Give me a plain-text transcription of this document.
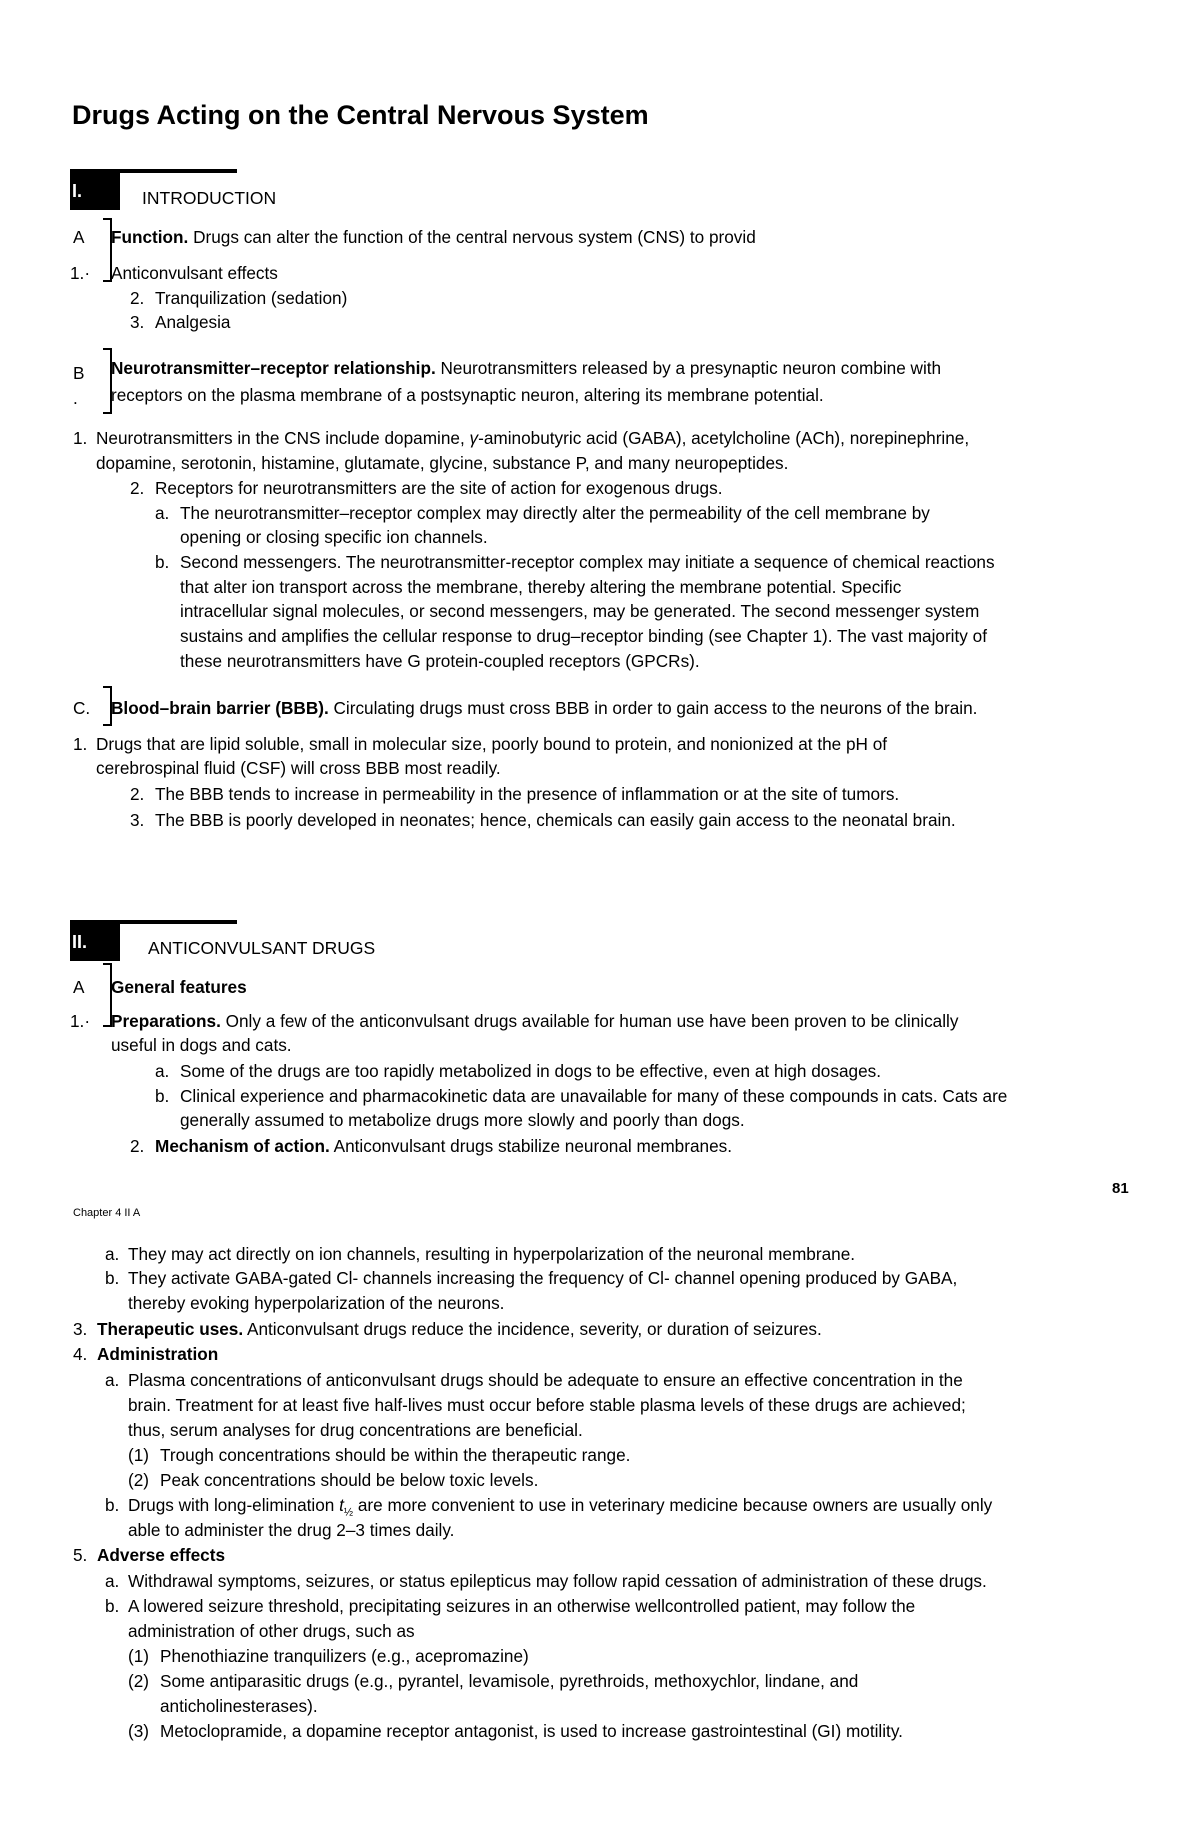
Drugs Acting on the Central Nervous System
I.	INTRODUCTION
A Function. Drugs can alter the function of the central nervous system (CNS) to provid
1.· Anticonvulsant effects
2. Tranquilization (sedation)
3. Analgesia
B Neurotransmitter–receptor relationship. Neurotransmitters released by a presynaptic neuron combine with
. receptors on the plasma membrane of a postsynaptic neuron, altering its membrane potential.
1. Neurotransmitters in the CNS include dopamine, γ-aminobutyric acid (GABA), acetylcholine (ACh), norepinephrine,
dopamine, serotonin, histamine, glutamate, glycine, substance P, and many neuropeptides.
2. Receptors for neurotransmitters are the site of action for exogenous drugs.
a. The neurotransmitter–receptor complex may directly alter the permeability of the cell membrane by
opening or closing specific ion channels.
b. Second messengers. The neurotransmitter-receptor complex may initiate a sequence of chemical reactions
that alter ion transport across the membrane, thereby altering the membrane potential. Specific
intracellular signal molecules, or second messengers, may be generated. The second messenger system
sustains and amplifies the cellular response to drug–receptor binding (see Chapter 1). The vast majority of
these neurotransmitters have G protein-coupled receptors (GPCRs).
C. Blood–brain barrier (BBB). Circulating drugs must cross BBB in order to gain access to the neurons of the brain.
1. Drugs that are lipid soluble, small in molecular size, poorly bound to protein, and nonionized at the pH of
cerebrospinal fluid (CSF) will cross BBB most readily.
2. The BBB tends to increase in permeability in the presence of inflammation or at the site of tumors.
3. The BBB is poorly developed in neonates; hence, chemicals can easily gain access to the neonatal brain.
II.	ANTICONVULSANT DRUGS
A General features
1.· Preparations. Only a few of the anticonvulsant drugs available for human use have been proven to be clinically
useful in dogs and cats.
a. Some of the drugs are too rapidly metabolized in dogs to be effective, even at high dosages.
b. Clinical experience and pharmacokinetic data are unavailable for many of these compounds in cats. Cats are
generally assumed to metabolize drugs more slowly and poorly than dogs.
2. Mechanism of action. Anticonvulsant drugs stabilize neuronal membranes.
81
Chapter 4 II A
a. They may act directly on ion channels, resulting in hyperpolarization of the neuronal membrane.
b. They activate GABA-gated Cl- channels increasing the frequency of Cl- channel opening produced by GABA,
thereby evoking hyperpolarization of the neurons.
3. Therapeutic uses. Anticonvulsant drugs reduce the incidence, severity, or duration of seizures.
4. Administration
a. Plasma concentrations of anticonvulsant drugs should be adequate to ensure an effective concentration in the
brain. Treatment for at least five half-lives must occur before stable plasma levels of these drugs are achieved;
thus, serum analyses for drug concentrations are beneficial.
(1) Trough concentrations should be within the therapeutic range.
(2) Peak concentrations should be below toxic levels.
b. Drugs with long-elimination $t_{\frac{1}{2}}$ are more convenient to use in veterinary medicine because owners are usually only
able to administer the drug 2–3 times daily.
5. Adverse effects
a. Withdrawal symptoms, seizures, or status epilepticus may follow rapid cessation of administration of these drugs.
b. A lowered seizure threshold, precipitating seizures in an otherwise wellcontrolled patient, may follow the
administration of other drugs, such as
(1) Phenothiazine tranquilizers (e.g., acepromazine)
(2) Some antiparasitic drugs (e.g., pyrantel, levamisole, pyrethroids, methoxychlor, lindane, and
anticholinesterases).
(3) Metoclopramide, a dopamine receptor antagonist, is used to increase gastrointestinal (GI) motility.
